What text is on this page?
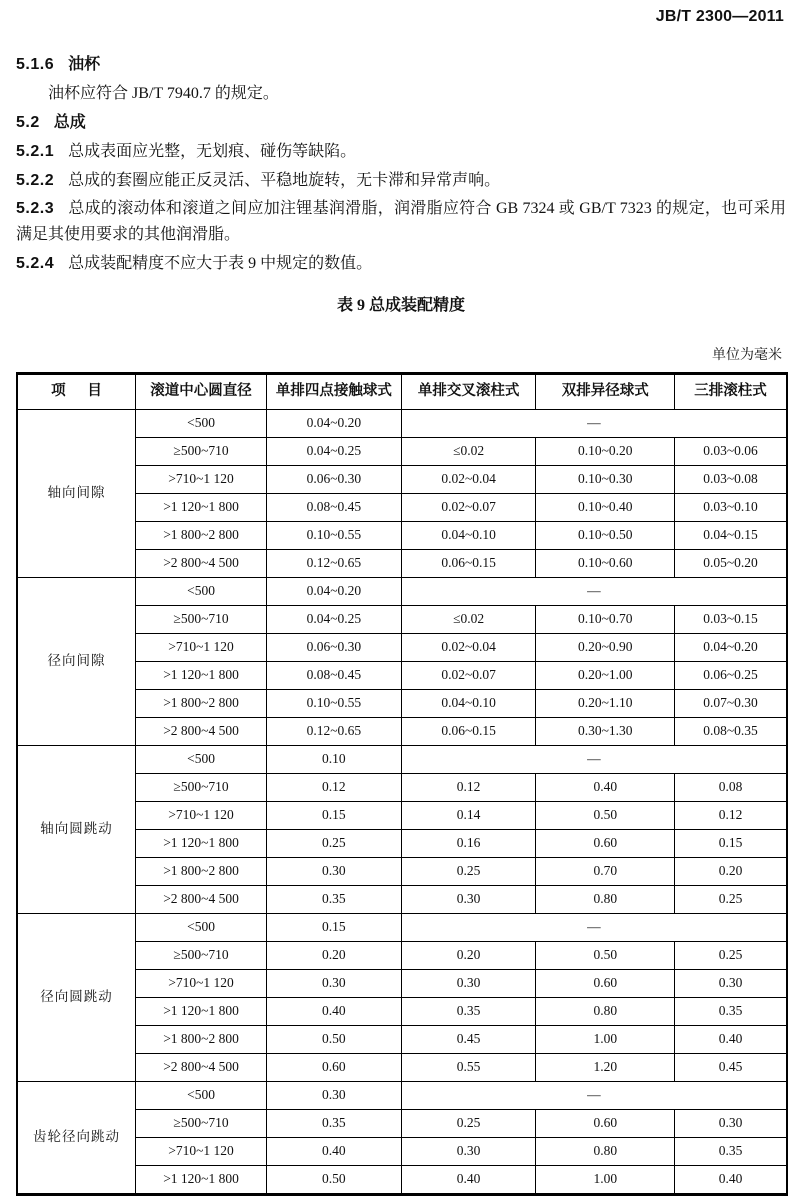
JB/T 2300—2011

5.1.6 油杯

油杯应符合 JB/T 7940.7 的规定。

5.2 总成

5.2.1 总成表面应光整，无划痕、碰伤等缺陷。

5.2.2 总成的套圈应能正反灵活、平稳地旋转，无卡滞和异常声响。

5.2.3 总成的滚动体和滚道之间应加注锂基润滑脂，润滑脂应符合 GB 7324 或 GB/T 7323 的规定，也可采用满足其使用要求的其他润滑脂。

5.2.4 总成装配精度不应大于表 9 中规定的数值。

表 9 总成装配精度
单位为毫米
项      目	滚道中心圆直径	单排四点接触球式	单排交叉滚柱式	双排异径球式	三排滚柱式
轴向间隙	<500	0.04~0.20	—		
	≥500~710	0.04~0.25	≤0.02	0.10~0.20	0.03~0.06
	>710~1 120	0.06~0.30	0.02~0.04	0.10~0.30	0.03~0.08
	>1 120~1 800	0.08~0.45	0.02~0.07	0.10~0.40	0.03~0.10
	>1 800~2 800	0.10~0.55	0.04~0.10	0.10~0.50	0.04~0.15
	>2 800~4 500	0.12~0.65	0.06~0.15	0.10~0.60	0.05~0.20
径向间隙	<500	0.04~0.20	—		
	≥500~710	0.04~0.25	≤0.02	0.10~0.70	0.03~0.15
	>710~1 120	0.06~0.30	0.02~0.04	0.20~0.90	0.04~0.20
	>1 120~1 800	0.08~0.45	0.02~0.07	0.20~1.00	0.06~0.25
	>1 800~2 800	0.10~0.55	0.04~0.10	0.20~1.10	0.07~0.30
	>2 800~4 500	0.12~0.65	0.06~0.15	0.30~1.30	0.08~0.35
轴向圆跳动	<500	0.10	—		
	≥500~710	0.12	0.12	0.40	0.08
	>710~1 120	0.15	0.14	0.50	0.12
	>1 120~1 800	0.25	0.16	0.60	0.15
	>1 800~2 800	0.30	0.25	0.70	0.20
	>2 800~4 500	0.35	0.30	0.80	0.25
径向圆跳动	<500	0.15	—		
	≥500~710	0.20	0.20	0.50	0.25
	>710~1 120	0.30	0.30	0.60	0.30
	>1 120~1 800	0.40	0.35	0.80	0.35
	>1 800~2 800	0.50	0.45	1.00	0.40
	>2 800~4 500	0.60	0.55	1.20	0.45
齿轮径向跳动	<500	0.30	—		
	≥500~710	0.35	0.25	0.60	0.30
	>710~1 120	0.40	0.30	0.80	0.35
	>1 120~1 800	0.50	0.40	1.00	0.40
